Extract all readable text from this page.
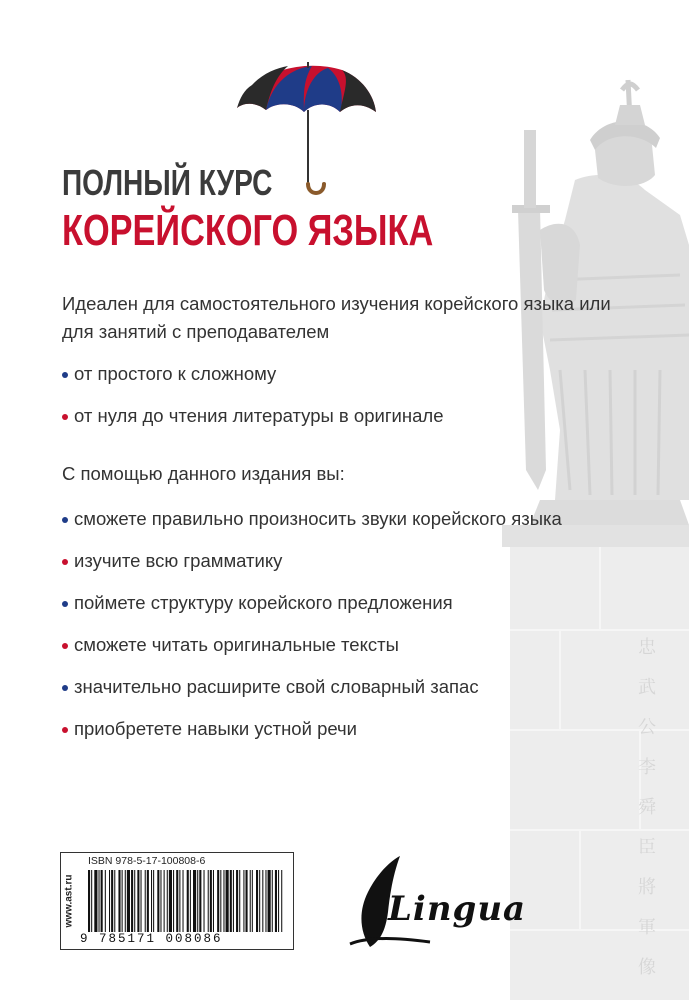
忠
武
公
李
舜
臣
將
軍
像
ПОЛНЫЙ КУРС
КОРЕЙСКОГО ЯЗЫКА
Идеален для самостоятельного изучения корейского языка или для занятий с преподавателем
от простого к сложному
от нуля до чтения литературы в оригинале
С помощью данного издания вы:
сможете правильно произносить звуки корейского языка
изучите всю грамматику
поймете структуру корейского предложения
сможете читать оригинальные тексты
значительно расширите свой словарный запас
приобретете навыки устной речи
www.ast.ru
ISBN 978-5-17-100808-6
9 785171 008086
Lingua
